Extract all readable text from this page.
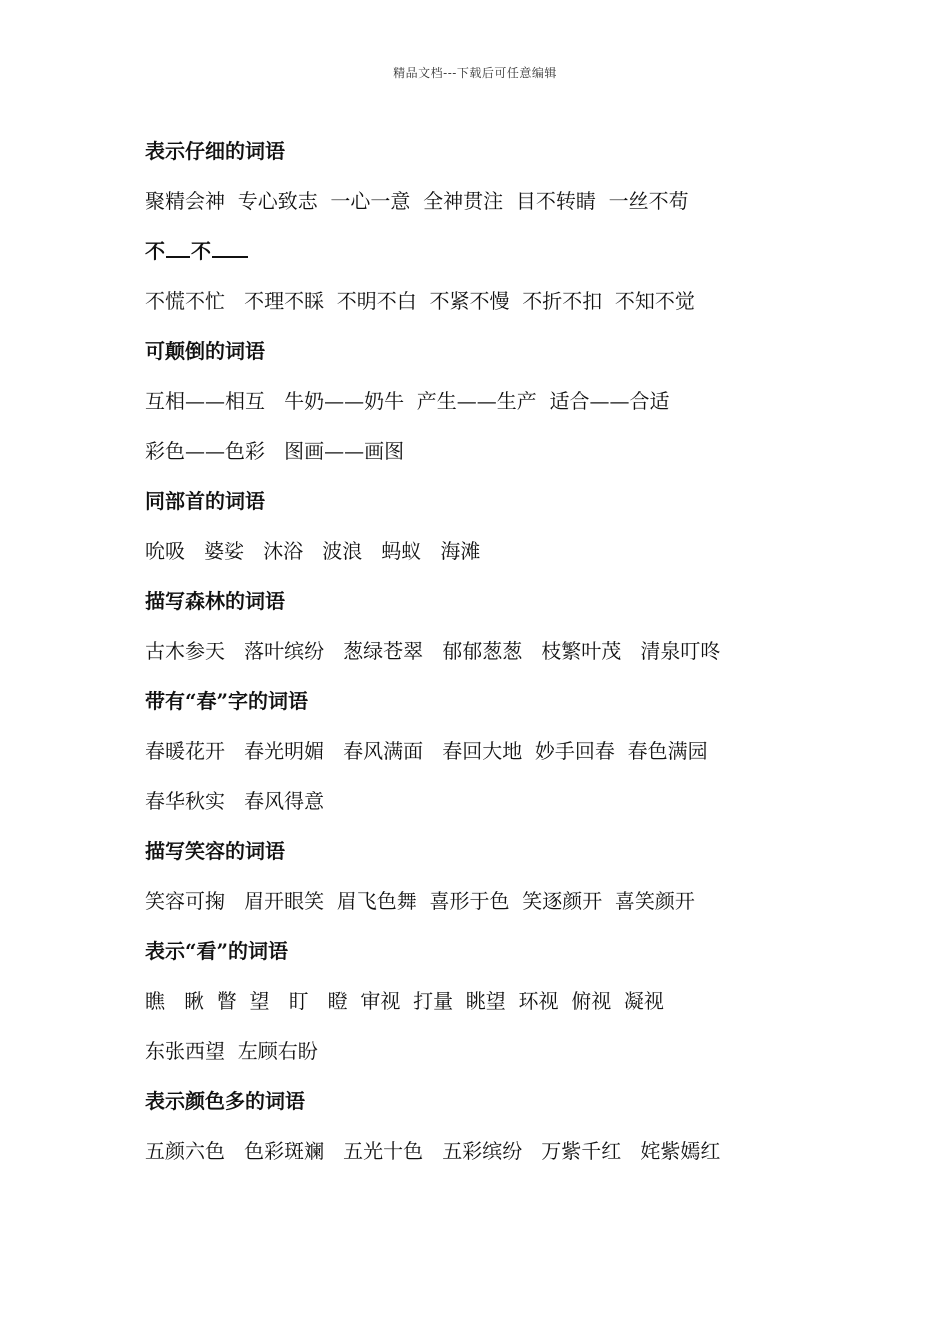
精品文档---下载后可任意编辑
表示仔细的词语
聚精会神  专心致志  一心一意  全神贯注  目不转睛  一丝不苟
不 不
不慌不忙   不理不睬  不明不白  不紧不慢  不折不扣  不知不觉
可颠倒的词语
互相——相互   牛奶——奶牛  产生——生产  适合——合适
彩色——色彩   图画——画图
同部首的词语
吮吸   婆娑   沐浴   波浪   蚂蚁   海滩
描写森林的词语
古木参天   落叶缤纷   葱绿苍翠   郁郁葱葱   枝繁叶茂   清泉叮咚
带有“春”字的词语
春暖花开   春光明媚   春风满面   春回大地  妙手回春  春色满园
春华秋实   春风得意
描写笑容的词语
笑容可掬   眉开眼笑  眉飞色舞  喜形于色  笑逐颜开  喜笑颜开
表示“看”的词语
瞧   瞅  瞥  望   盯   瞪  审视  打量  眺望  环视  俯视  凝视
东张西望  左顾右盼
表示颜色多的词语
五颜六色   色彩斑斓   五光十色   五彩缤纷   万紫千红   姹紫嫣红
